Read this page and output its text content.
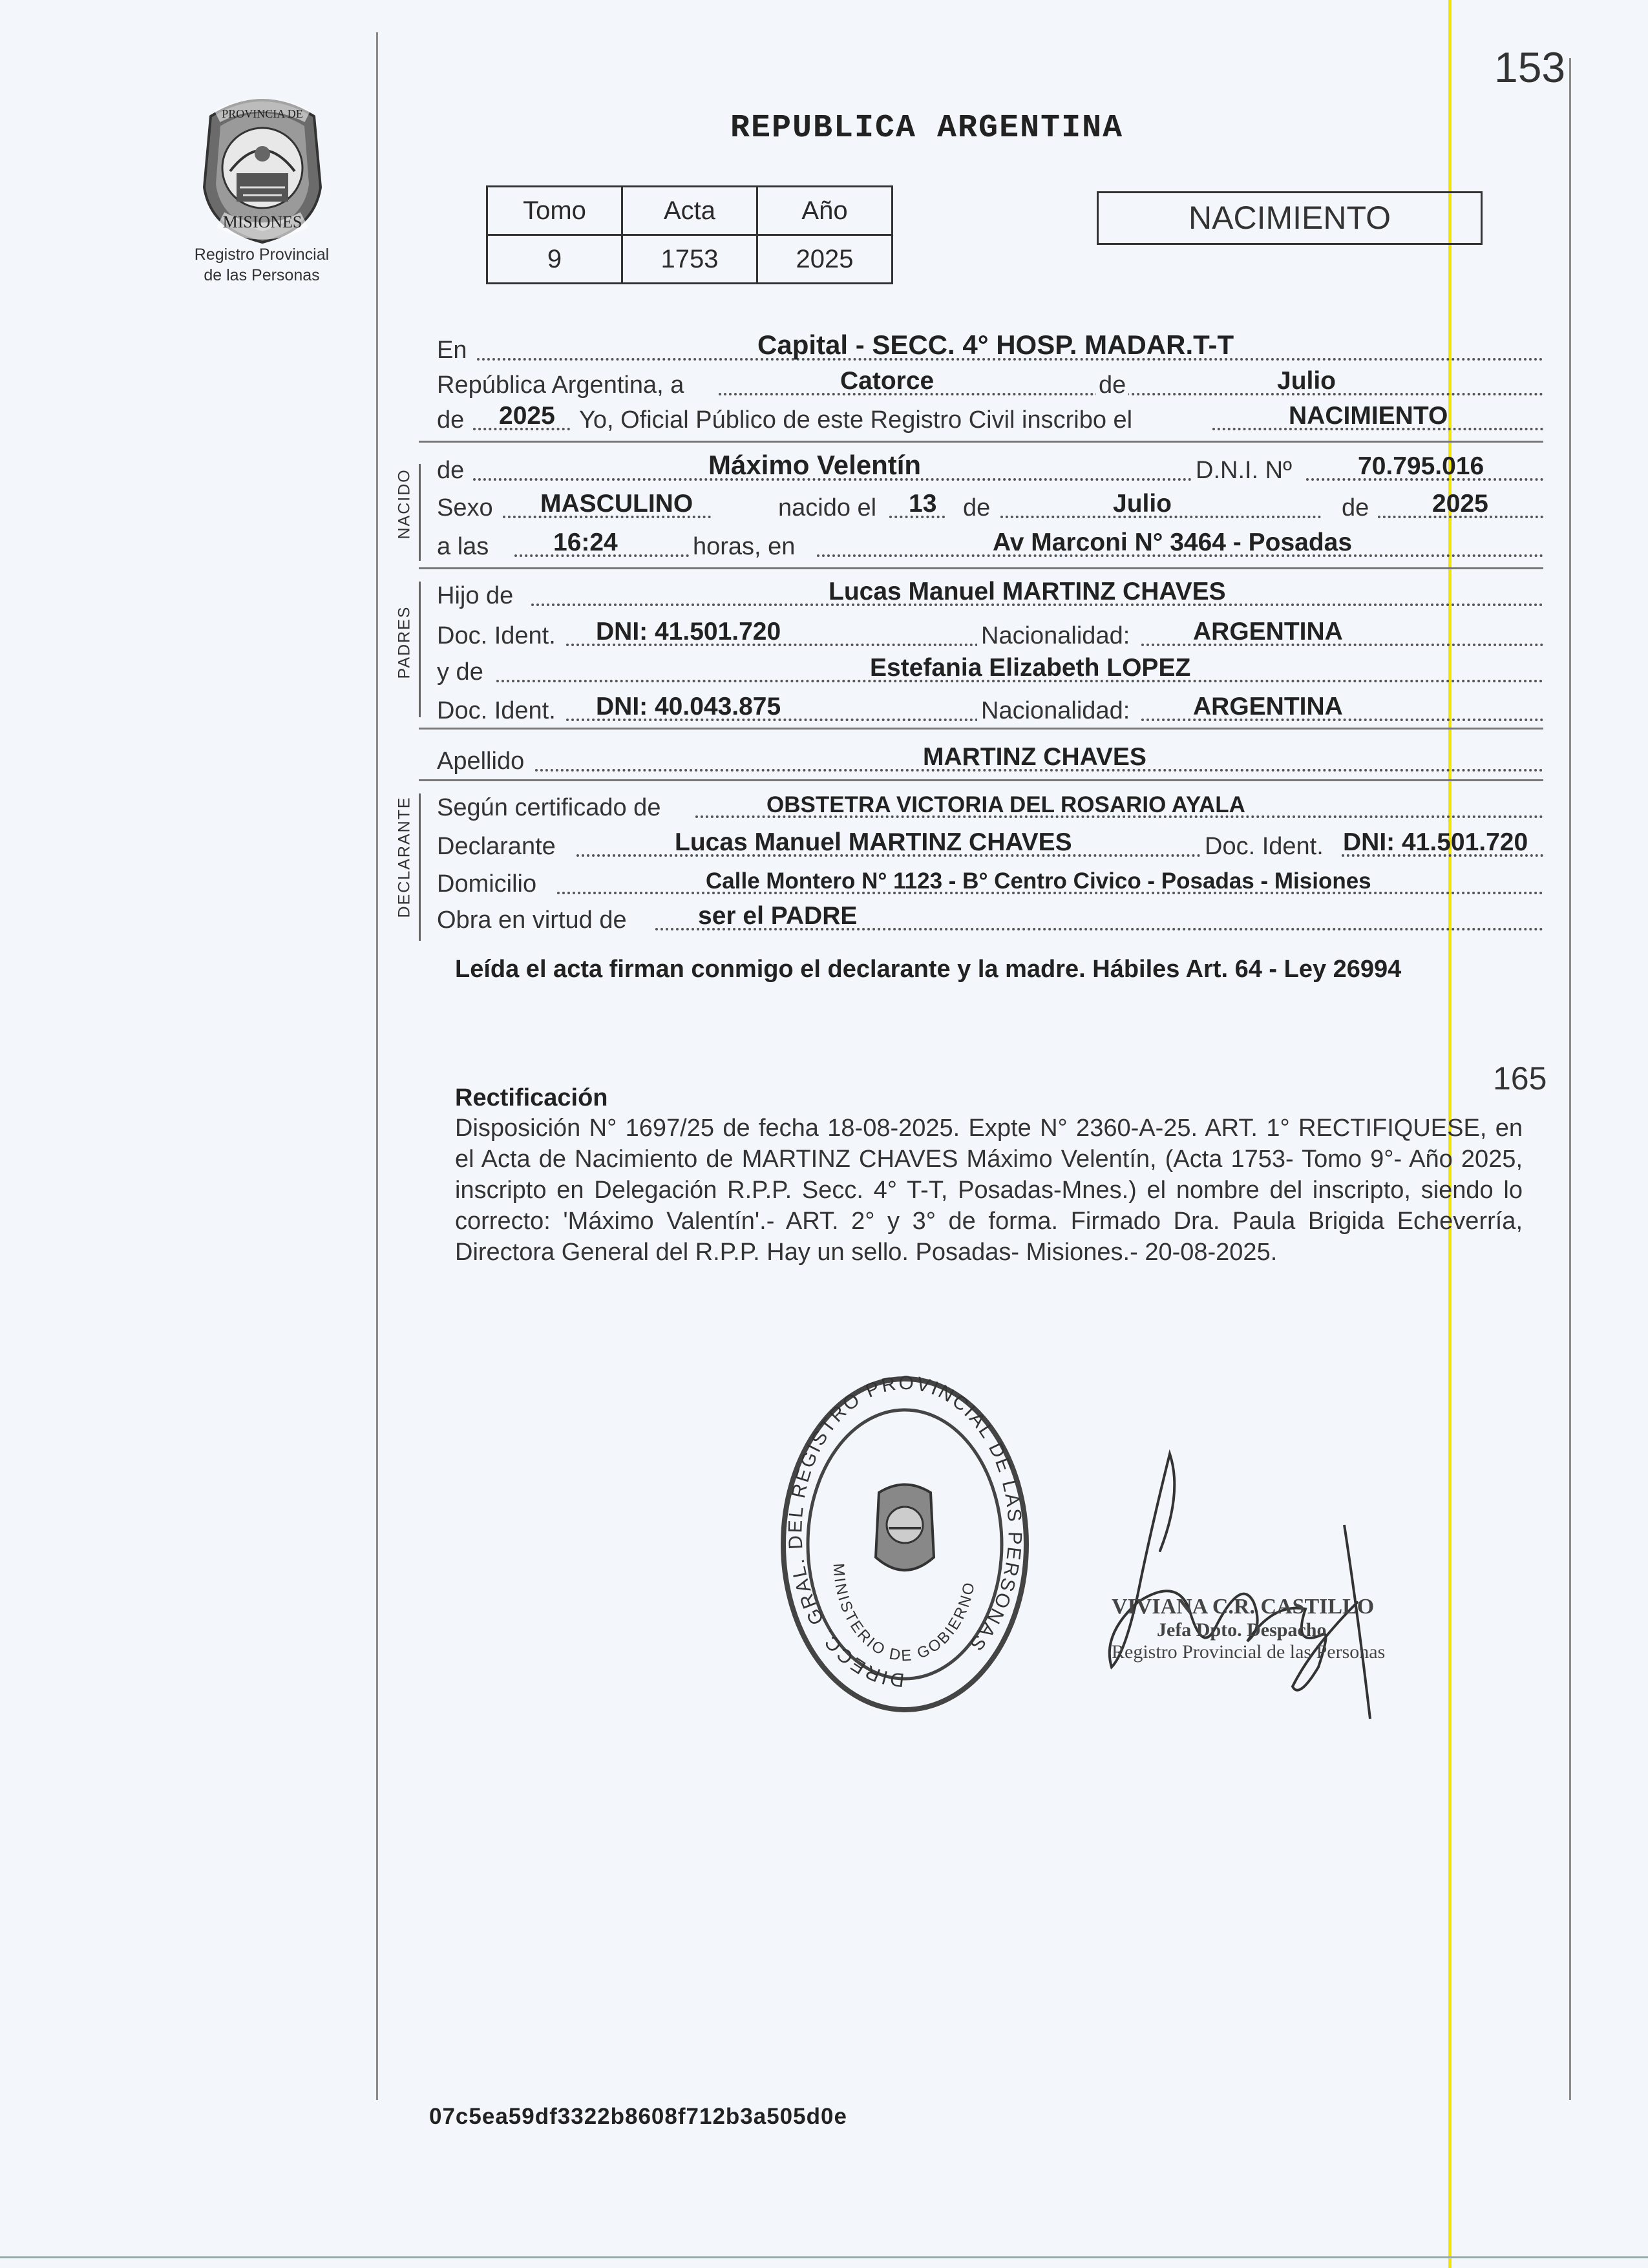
153
PROVINCIA DE
MISIONES
Registro Provincial
de las Personas
REPUBLICA ARGENTINA
Tomo	Acta	Año
9	1753	2025
NACIMIENTO
En	Capital - SECC. 4° HOSP. MADAR.T-T
República Argentina, a	Catorce	de	Julio
de 2025 Yo, Oficial Público de este Registro Civil inscribo el	NACIMIENTO
NACIDO de	Máximo Velentín	D.N.I. Nº	70.795.016
Sexo MASCULINO	nacido el 13 de	Julio	de	2025
a las	16:24	horas, en	Av Marconi N° 3464 - Posadas
PADRES
Hijo de	Lucas Manuel MARTINZ CHAVES
Doc. Ident. DNI: 41.501.720	Nacionalidad:	ARGENTINA
y de	Estefania Elizabeth LOPEZ
Doc. Ident. DNI: 40.043.875	Nacionalidad:	ARGENTINA
Apellido	MARTINZ CHAVES
DECLARANTE Según certificado de	OBSTETRA VICTORIA DEL ROSARIO AYALA
Declarante	Lucas Manuel MARTINZ CHAVES	Doc. Ident. DNI: 41.501.720
Domicilio	Calle Montero N° 1123 - B° Centro Civico - Posadas - Misiones
Obra en virtud de	ser el PADRE
Leída el acta firman conmigo el declarante y la madre. Hábiles Art. 64 - Ley 26994
165
Rectificación
Disposición N° 1697/25 de fecha 18-08-2025. Expte N° 2360-A-25. ART. 1° RECTIFIQUESE, en el Acta de Nacimiento de MARTINZ CHAVES Máximo Velentín, (Acta 1753- Tomo 9°- Año 2025, inscripto en Delegación R.P.P. Secc. 4° T-T, Posadas-Mnes.) el nombre del inscripto, siendo lo correcto: 'Máximo Valentín'.- ART. 2° y 3° de forma. Firmado Dra. Paula Brigida Echeverría, Directora General del R.P.P. Hay un sello. Posadas- Misiones.- 20-08-2025.
DIRECC. GRAL. DEL REGISTRO PROVINCIAL DE LAS PERSONAS
MINISTERIO DE GOBIERNO
VIVIANA C.R. CASTILLO
Jefa Dpto. Despacho
Registro Provincial de las Personas
07c5ea59df3322b8608f712b3a505d0e
